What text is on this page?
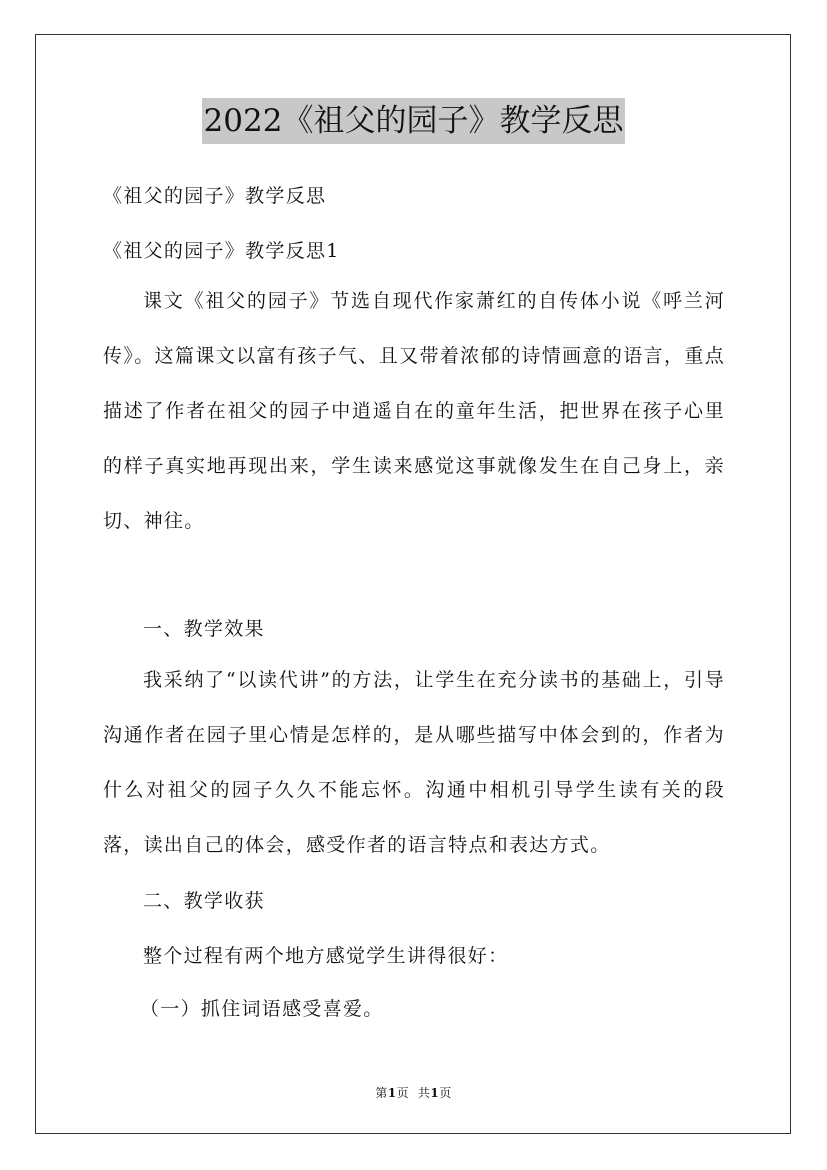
2022《祖父的园子》教学反思
《祖父的园子》教学反思
《祖父的园子》教学反思1
课文《祖父的园子》节选自现代作家萧红的自传体小说《呼兰河传》。这篇课文以富有孩子气、且又带着浓郁的诗情画意的语言，重点描述了作者在祖父的园子中逍遥自在的童年生活，把世界在孩子心里的样子真实地再现出来，学生读来感觉这事就像发生在自己身上，亲切、神往。
一、教学效果
我采纳了“以读代讲”的方法，让学生在充分读书的基础上，引导沟通作者在园子里心情是怎样的，是从哪些描写中体会到的，作者为什么对祖父的园子久久不能忘怀。沟通中相机引导学生读有关的段落，读出自己的体会，感受作者的语言特点和表达方式。
二、教学收获
整个过程有两个地方感觉学生讲得很好：
（一）抓住词语感受喜爱。
第1页 共1页
